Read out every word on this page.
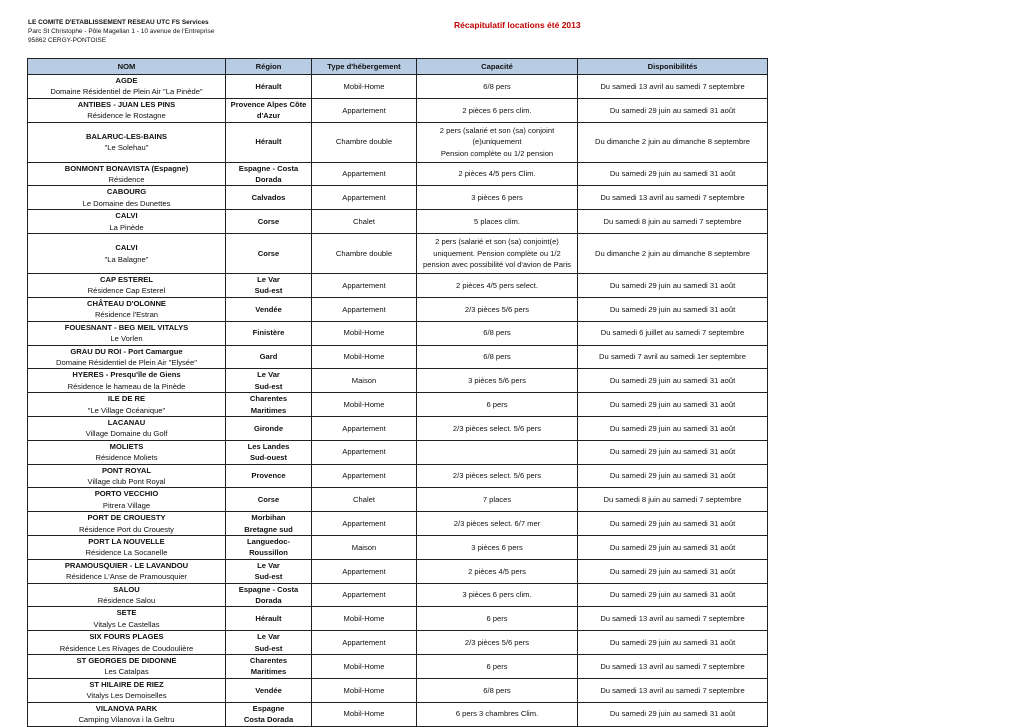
LE COMITE D'ETABLISSEMENT RESEAU UTC FS Services
Parc St Christophe - Pôle Magellan 1 - 10 avenue de l'Entreprise
95862 CERGY-PONTOISE
Récapitulatif locations été 2013
NOM	Région	Type d'hébergement	Capacité	Disponibilités

AGDE
Domaine Résidentiel de Plein Air "La Pinède"	Hérault	Mobil-Home	6/8 pers	Du samedi 13 avril au samedi 7 septembre

ANTIBES - JUAN LES PINS
Résidence le Rostagne	Provence Alpes Côte
d'Azur	Appartement	2 pièces 6 pers clim.	Du samedi 29 juin au samedi 31 août

BALARUC-LES-BAINS
"Le Solehau"	Hérault	Chambre double	2 pers (salarié et son (sa) conjoint
(e)uniquement
Pension complète ou 1/2 pension	Du dimanche 2 juin au dimanche 8 septembre

BONMONT BONAVISTA (Espagne)
Résidence	Espagne - Costa
Dorada	Appartement	2 pièces 4/5 pers Clim.	Du samedi 29 juin au samedi 31 août

CABOURG
Le Domaine des Dunettes	Calvados	Appartement	3 pièces 6 pers	Du samedi 13 avril au samedi 7 septembre

CALVI
La Pinède	Corse	Chalet	5 places clim.	Du samedi 8 juin au samedi 7 septembre

CALVI
"La Balagne"	Corse	Chambre double	2 pers (salarié et son (sa) conjoint(e)
uniquement. Pension complète ou 1/2
pension avec possibilité vol d'avion de Paris	Du dimanche 2 juin au dimanche 8 septembre

CAP ESTEREL
Résidence Cap Esterel	Le Var
Sud-est	Appartement	2 pièces 4/5 pers select.	Du samedi 29 juin au samedi 31 août

CHÂTEAU D'OLONNE
Résidence l'Estran	Vendée	Appartement	2/3 pièces 5/6 pers	Du samedi 29 juin au samedi 31 août

FOUESNANT - BEG MEIL VITALYS
Le Vorlen	Finistère	Mobil-Home	6/8 pers	Du samedi 6 juillet au samedi 7 septembre

GRAU DU ROI - Port Camargue
Domaine Résidentiel de Plein Air "Elysée"	Gard	Mobil-Home	6/8 pers	Du samedi 7 avril au samedi 1er septembre

HYERES - Presqu'île de Giens
Résidence le hameau de la Pinède	Le Var
Sud-est	Maison	3 pièces 5/6 pers	Du samedi 29 juin au samedi 31 août

ILE DE RE
"Le Village Océanique"	Charentes
Maritimes	Mobil-Home	6 pers	Du samedi 29 juin au samedi 31 août

LACANAU
Village Domaine du Golf	Gironde	Appartement	2/3 pièces select. 5/6 pers	Du samedi 29 juin au samedi 31 août

MOLIETS
Résidence Moliets	Les Landes
Sud-ouest	Appartement		Du samedi 29 juin au samedi 31 août

PONT ROYAL
Village club Pont Royal	Provence	Appartement	2/3 pièces select. 5/6 pers	Du samedi 29 juin au samedi 31 août

PORTO VECCHIO
Pitrera Village	Corse	Chalet	7 places	Du samedi 8 juin au samedi 7 septembre

PORT DE CROUESTY
Résidence Port du Crouesty	Morbihan
Bretagne sud	Appartement	2/3 pièces select. 6/7 mer	Du samedi 29 juin au samedi 31 août

PORT LA NOUVELLE
Résidence La Socanelle	Languedoc-Roussillon	Maison	3 pièces 6 pers	Du samedi 29 juin au samedi 31 août

PRAMOUSQUIER - LE LAVANDOU
Résidence L'Anse de Pramousquier	Le Var
Sud-est	Appartement	2 pièces 4/5 pers	Du samedi 29 juin au samedi 31 août

SALOU
Résidence Salou	Espagne - Costa
Dorada	Appartement	3 pièces 6 pers clim.	Du samedi 29 juin au samedi 31 août

SETE
Vitalys Le Castellas	Hérault	Mobil-Home	6 pers	Du samedi 13 avril au samedi 7 septembre

SIX FOURS PLAGES
Résidence Les Rivages de Coudoulière	Le Var
Sud-est	Appartement	2/3 pièces 5/6 pers	Du samedi 29 juin au samedi 31 août

ST GEORGES DE DIDONNE
Les Catalpas	Charentes
Maritimes	Mobil-Home	6 pers	Du samedi 13 avril au samedi 7 septembre

ST HILAIRE DE RIEZ
Vitalys Les Demoiselles	Vendée	Mobil-Home	6/8 pers	Du samedi 13 avril au samedi 7 septembre

VILANOVA PARK
Camping Vilanova i la Geltru	Espagne
Costa Dorada	Mobil-Home	6 pers 3 chambres Clim.	Du samedi 29 juin au samedi 31 août
